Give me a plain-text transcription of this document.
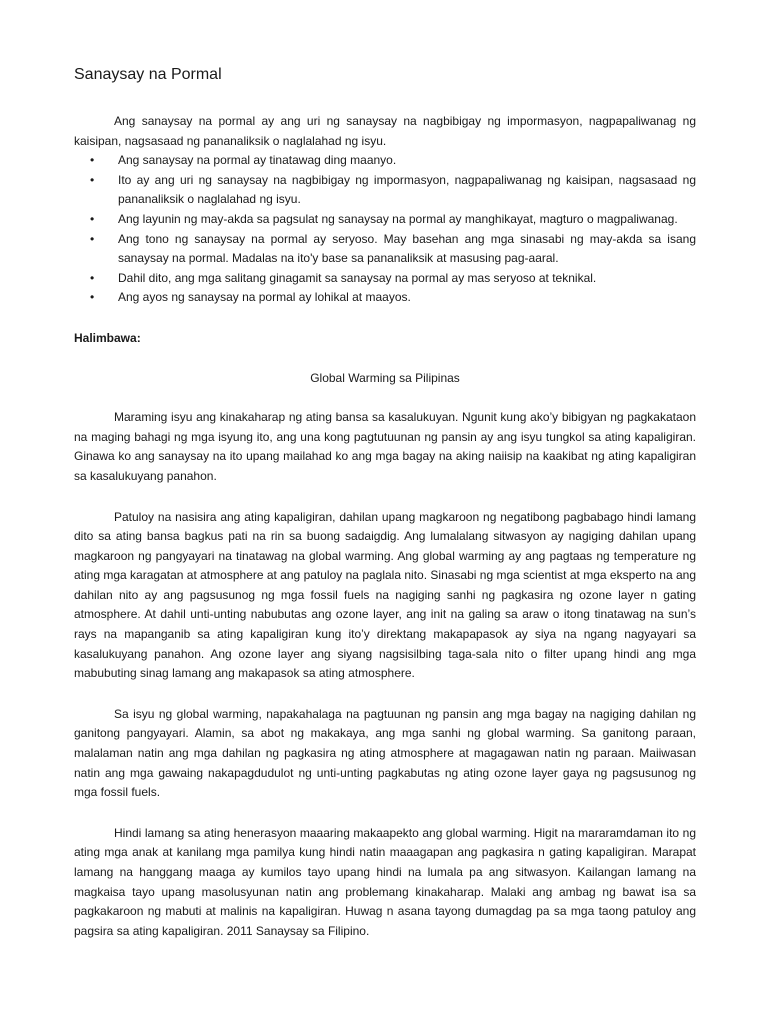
Sanaysay na Pormal

Ang sanaysay na pormal ay ang uri ng sanaysay na nagbibigay ng impormasyon, nagpapaliwanag ng kaisipan, nagsasaad ng pananaliksik o naglalahad ng isyu.

• Ang sanaysay na pormal ay tinatawag ding maanyo.
• Ito ay ang uri ng sanaysay na nagbibigay ng impormasyon, nagpapaliwanag ng kaisipan, nagsasaad ng pananaliksik o naglalahad ng isyu.
• Ang layunin ng may-akda sa pagsulat ng sanaysay na pormal ay manghikayat, magturo o magpaliwanag.
• Ang tono ng sanaysay na pormal ay seryoso. May basehan ang mga sinasabi ng may-akda sa isang sanaysay na pormal. Madalas na ito'y base sa pananaliksik at masusing pag-aaral.
• Dahil dito, ang mga salitang ginagamit sa sanaysay na pormal ay mas seryoso at teknikal.
• Ang ayos ng sanaysay na pormal ay lohikal at maayos.

Halimbawa:

Global Warming sa Pilipinas

Maraming isyu ang kinakaharap ng ating bansa sa kasalukuyan. Ngunit kung ako’y bibigyan ng pagkakataon na maging bahagi ng mga isyung ito, ang una kong pagtutuunan ng pansin ay ang isyu tungkol sa ating kapaligiran. Ginawa ko ang sanaysay na ito upang mailahad ko ang mga bagay na aking naiisip na kaakibat ng ating kapaligiran sa kasalukuyang panahon.

Patuloy na nasisira ang ating kapaligiran, dahilan upang magkaroon ng negatibong pagbabago hindi lamang dito sa ating bansa bagkus pati na rin sa buong sadaigdig. Ang lumalalang sitwasyon ay nagiging dahilan upang magkaroon ng pangyayari na tinatawag na global warming. Ang global warming ay ang pagtaas ng temperature ng ating mga karagatan at atmosphere at ang patuloy na paglala nito. Sinasabi ng mga scientist at mga eksperto na ang dahilan nito ay ang pagsusunog ng mga fossil fuels na nagiging sanhi ng pagkasira ng ozone layer n gating atmosphere. At dahil unti-unting nabubutas ang ozone layer, ang init na galing sa araw o itong tinatawag na sun’s rays na mapanganib sa ating kapaligiran kung ito’y direktang makapapasok ay siya na ngang nagyayari sa kasalukuyang panahon. Ang ozone layer ang siyang nagsisilbing taga-sala nito o filter upang hindi ang mga mabubuting sinag lamang ang makapasok sa ating atmosphere.

Sa isyu ng global warming, napakahalaga na pagtuunan ng pansin ang mga bagay na nagiging dahilan ng ganitong pangyayari. Alamin, sa abot ng makakaya, ang mga sanhi ng global warming. Sa ganitong paraan, malalaman natin ang mga dahilan ng pagkasira ng ating atmosphere at magagawan natin ng paraan. Maiiwasan natin ang mga gawaing nakapagdudulot ng unti-unting pagkabutas ng ating ozone layer gaya ng pagsusunog ng mga fossil fuels.

Hindi lamang sa ating henerasyon maaaring makaapekto ang global warming. Higit na mararamdaman ito ng ating mga anak at kanilang mga pamilya kung hindi natin maaagapan ang pagkasira n gating kapaligiran. Marapat lamang na hanggang maaga ay kumilos tayo upang hindi na lumala pa ang sitwasyon. Kailangan lamang na magkaisa tayo upang masolusyunan natin ang problemang kinakaharap. Malaki ang ambag ng bawat isa sa pagkakaroon ng mabuti at malinis na kapaligiran. Huwag n asana tayong dumagdag pa sa mga taong patuloy ang pagsira sa ating kapaligiran. 2011 Sanaysay sa Filipino.
